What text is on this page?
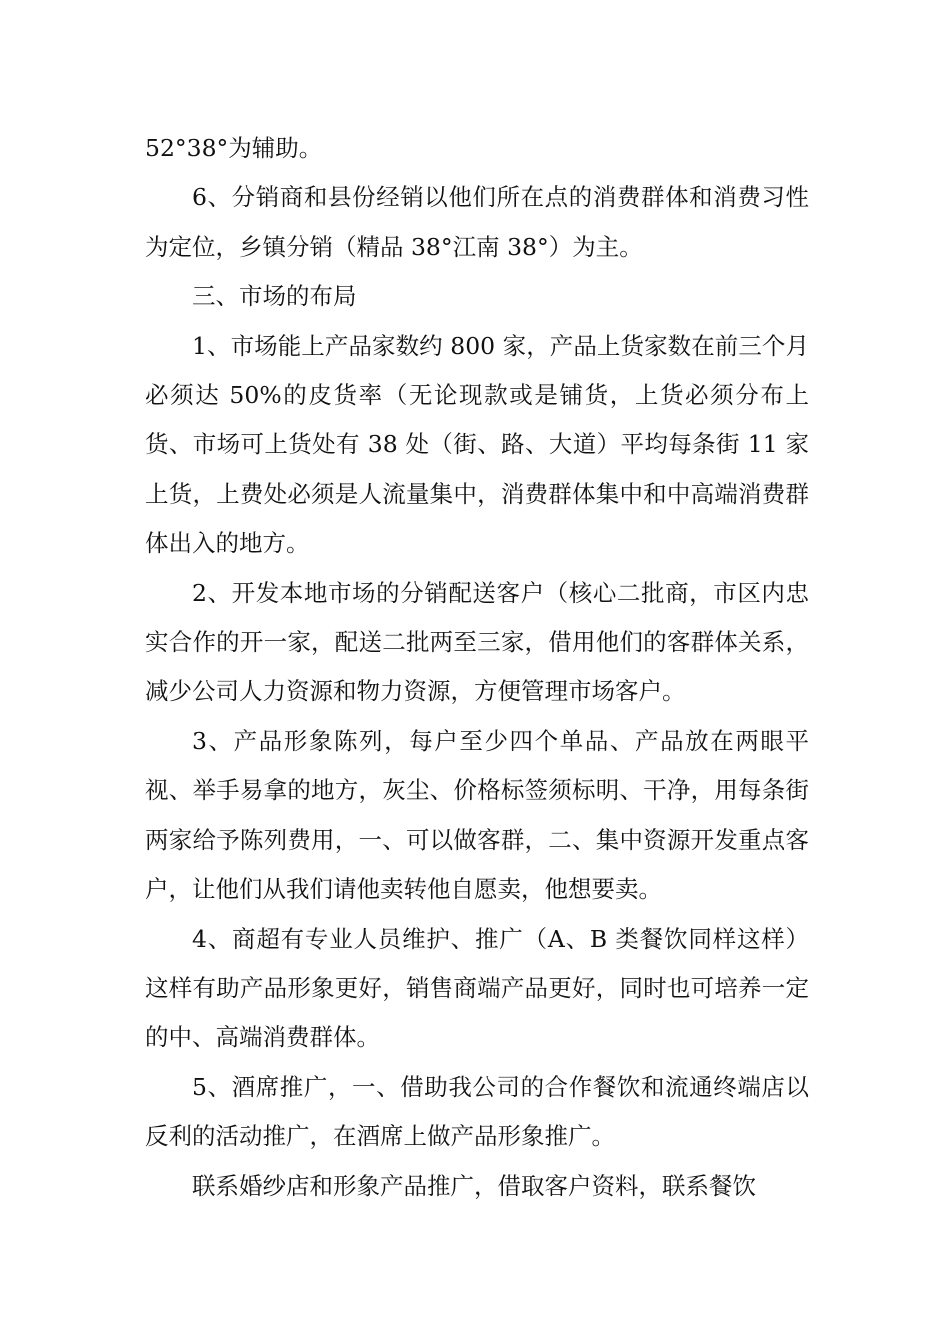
52°38°为辅助。

6、分销商和县份经销以他们所在点的消费群体和消费习性为定位，乡镇分销（精品 38°江南 38°）为主。

三、市场的布局

1、市场能上产品家数约 800 家，产品上货家数在前三个月必须达 50%的皮货率（无论现款或是铺货，上货必须分布上货、市场可上货处有 38 处（街、路、大道）平均每条街 11 家上货，上费处必须是人流量集中，消费群体集中和中高端消费群体出入的地方。

2、开发本地市场的分销配送客户（核心二批商，市区内忠实合作的开一家，配送二批两至三家，借用他们的客群体关系，减少公司人力资源和物力资源，方便管理市场客户。

3、产品形象陈列，每户至少四个单品、产品放在两眼平视、举手易拿的地方，灰尘、价格标签须标明、干净，用每条街两家给予陈列费用，一、可以做客群，二、集中资源开发重点客户，让他们从我们请他卖转他自愿卖，他想要卖。

4、商超有专业人员维护、推广（A、B 类餐饮同样这样）这样有助产品形象更好，销售商端产品更好，同时也可培养一定的中、高端消费群体。

5、酒席推广，一、借助我公司的合作餐饮和流通终端店以反利的活动推广，在酒席上做产品形象推广。

联系婚纱店和形象产品推广，借取客户资料，联系餐饮
